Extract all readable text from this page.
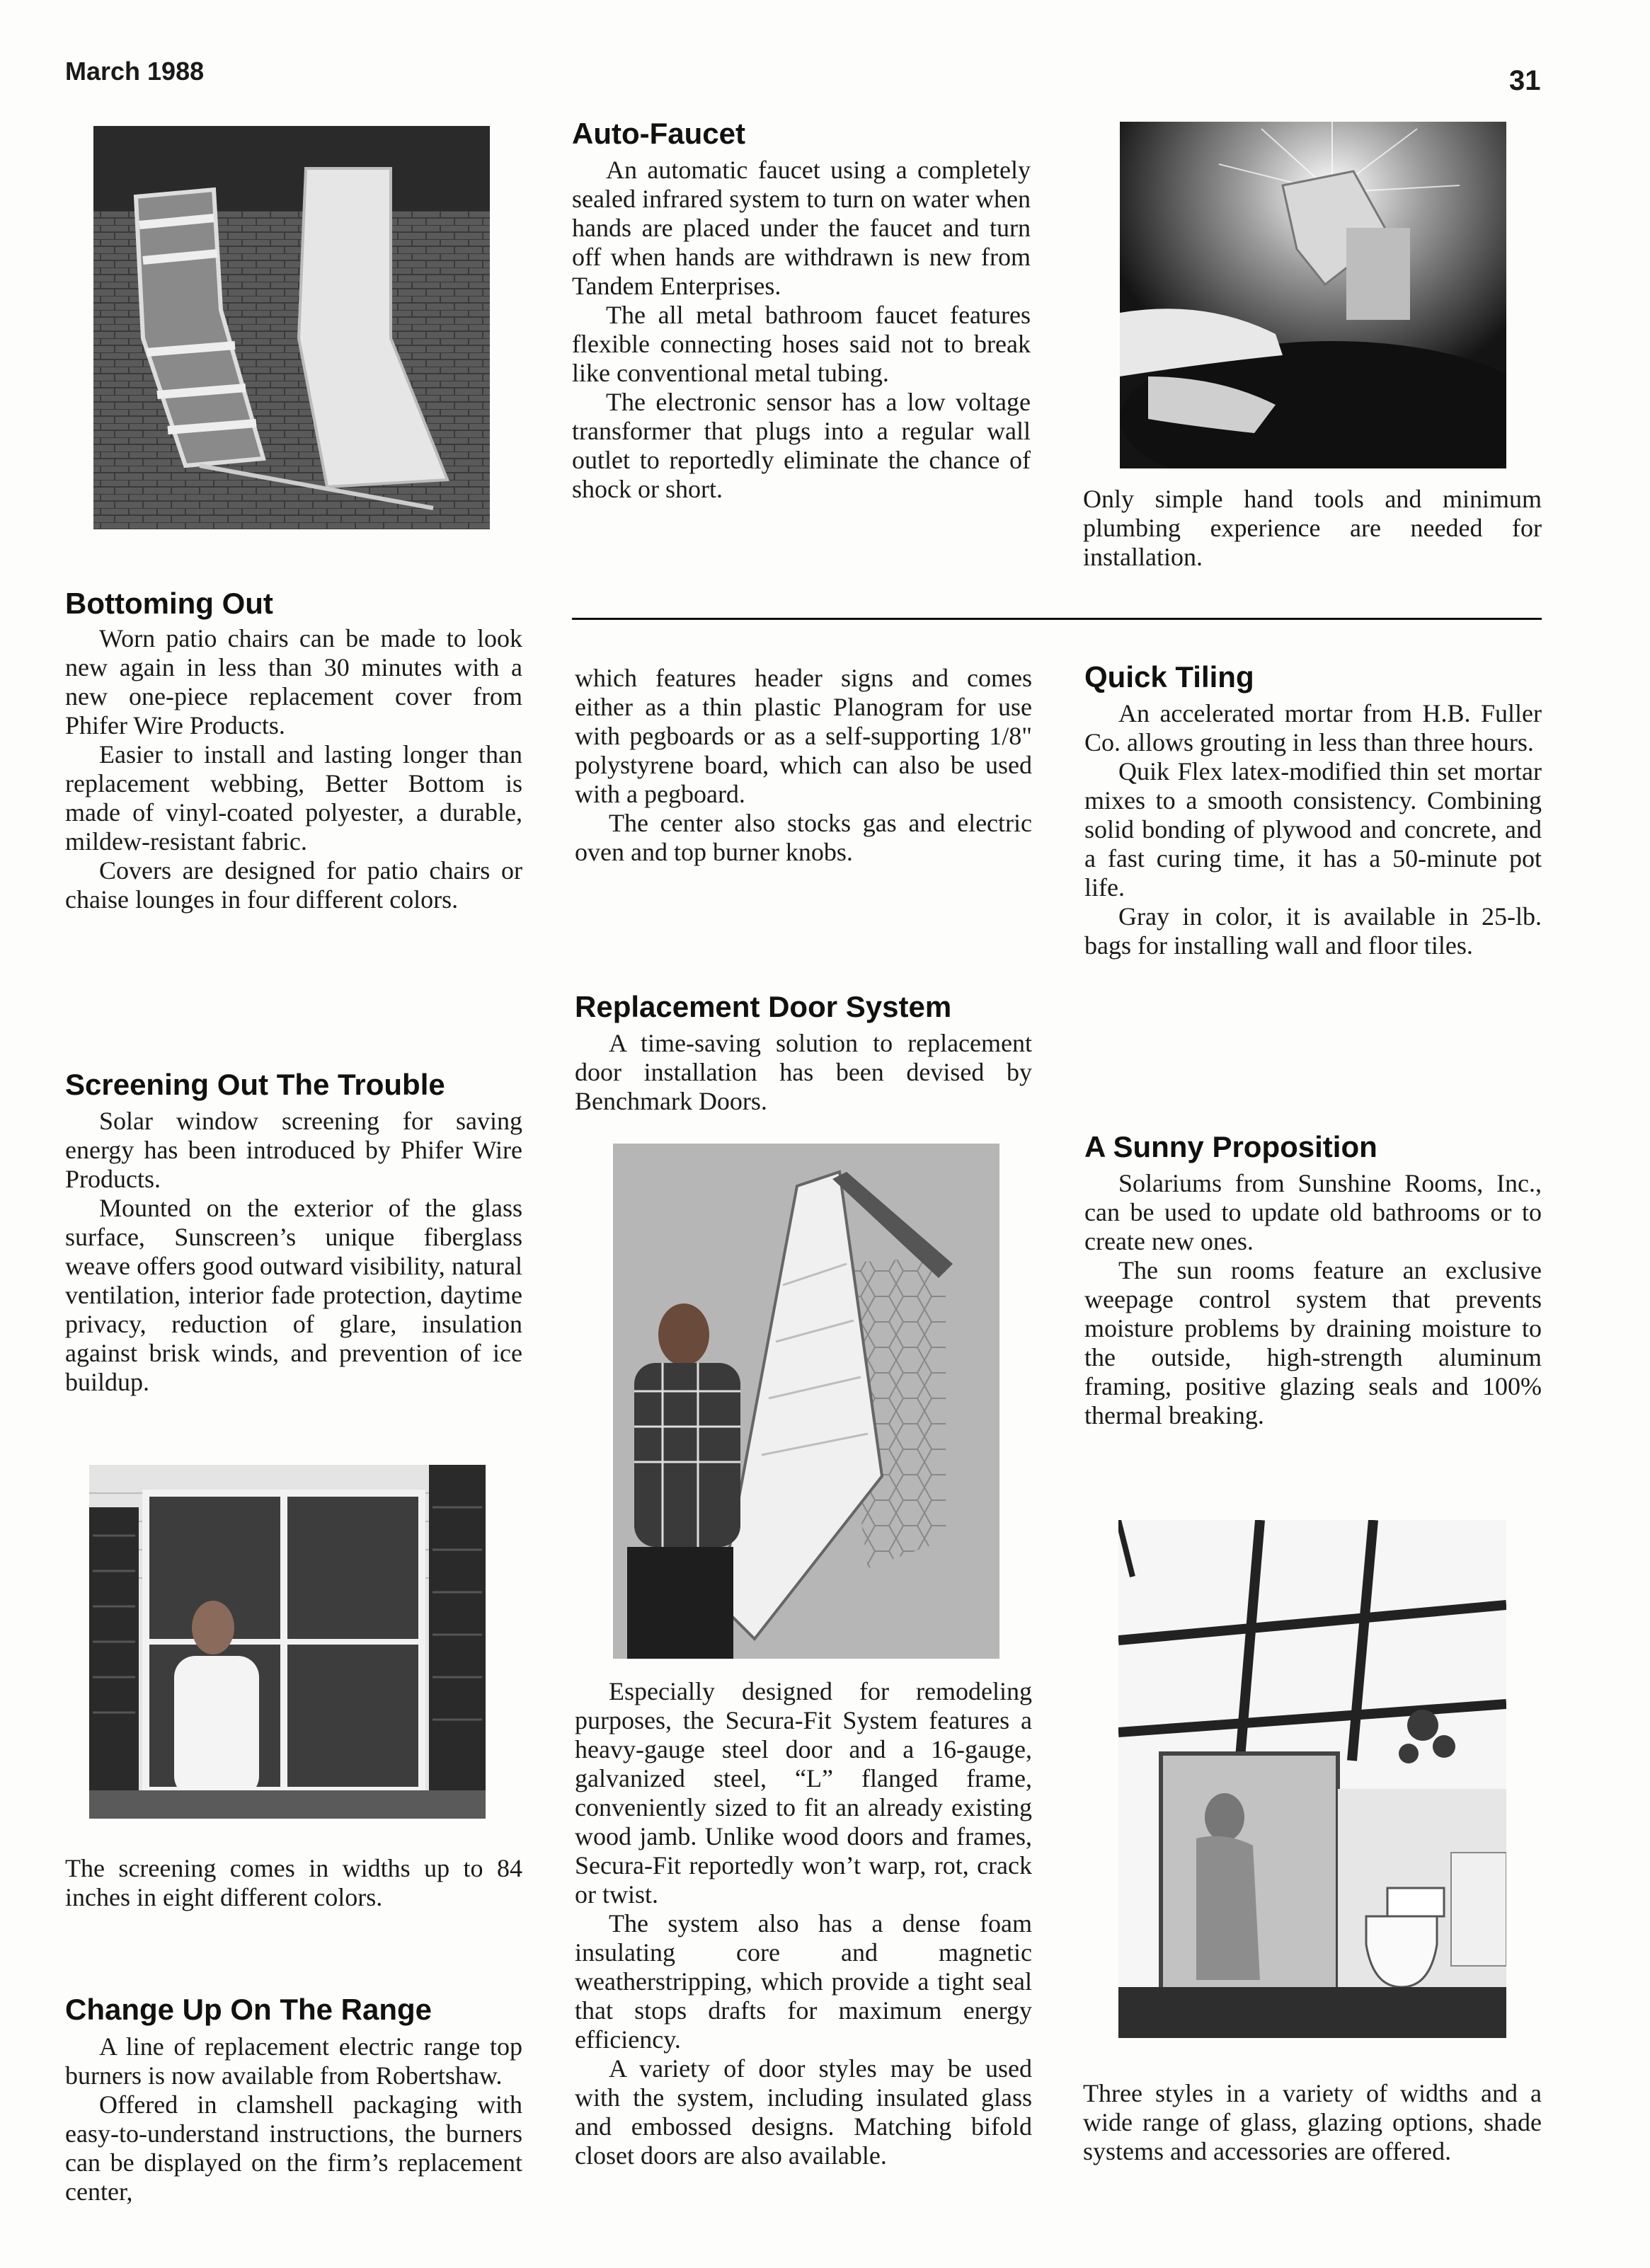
March 1988	31
Auto-Faucet

An automatic faucet using a completely sealed infrared system to turn on water when hands are placed under the faucet and turn off when hands are withdrawn is new from Tandem Enterprises.

The all metal bathroom faucet features flexible connecting hoses said not to break like conventional metal tubing.

The electronic sensor has a low voltage transformer that plugs into a regular wall outlet to reportedly eliminate the chance of shock or short.	Only simple hand tools and minimum plumbing experience are needed for installation.
Bottoming Out

Worn patio chairs can be made to look new again in less than 30 minutes with a new one-piece replacement cover from Phifer Wire Products.

Easier to install and lasting longer than replacement webbing, Better Bottom is made of vinyl-coated polyester, a durable, mildew-resistant fabric.

Covers are designed for patio chairs or chaise lounges in four different colors.

Screening Out The Trouble

Solar window screening for saving energy has been introduced by Phifer Wire Products.

Mounted on the exterior of the glass surface, Sunscreen’s unique fiberglass weave offers good outward visibility, natural ventilation, interior fade protection, daytime privacy, reduction of glare, insulation against brisk winds, and prevention of ice buildup.

The screening comes in widths up to 84 inches in eight different colors.
Change Up On The Range

A line of replacement electric range top burners is now available from Robertshaw.

Offered in clamshell packaging with easy-to-understand instructions, the burners can be displayed on the firm’s replacement center,

which features header signs and comes either as a thin plastic Planogram for use with pegboards or as a self-supporting 1/8" polystyrene board, which can also be used with a pegboard.

The center also stocks gas and electric oven and top burner knobs.

Replacement Door System

A time-saving solution to replacement door installation has been devised by Benchmark Doors.

Especially designed for remodeling purposes, the Secura-Fit System features a heavy-gauge steel door and a 16-gauge, galvanized steel, “L” flanged frame, conveniently sized to fit an already existing wood jamb. Unlike wood doors and frames, Secura-Fit reportedly won’t warp, rot, crack or twist.

The system also has a dense foam insulating core and magnetic weatherstripping, which provide a tight seal that stops drafts for maximum energy efficiency.

A variety of door styles may be used with the system, including insulated glass and embossed designs. Matching bifold closet doors are also available.

Quick Tiling

An accelerated mortar from H.B. Fuller Co. allows grouting in less than three hours.

Quik Flex latex-modified thin set mortar mixes to a smooth consistency. Combining solid bonding of plywood and concrete, and a fast curing time, it has a 50-minute pot life.

Gray in color, it is available in 25-lb. bags for installing wall and floor tiles.

A Sunny Proposition

Solariums from Sunshine Rooms, Inc., can be used to update old bathrooms or to create new ones.

The sun rooms feature an exclusive weepage control system that prevents moisture problems by draining moisture to the outside, high-strength aluminum framing, positive glazing seals and 100% thermal breaking.

Three styles in a variety of widths and a wide range of glass, glazing options, shade systems and accessories are offered.
